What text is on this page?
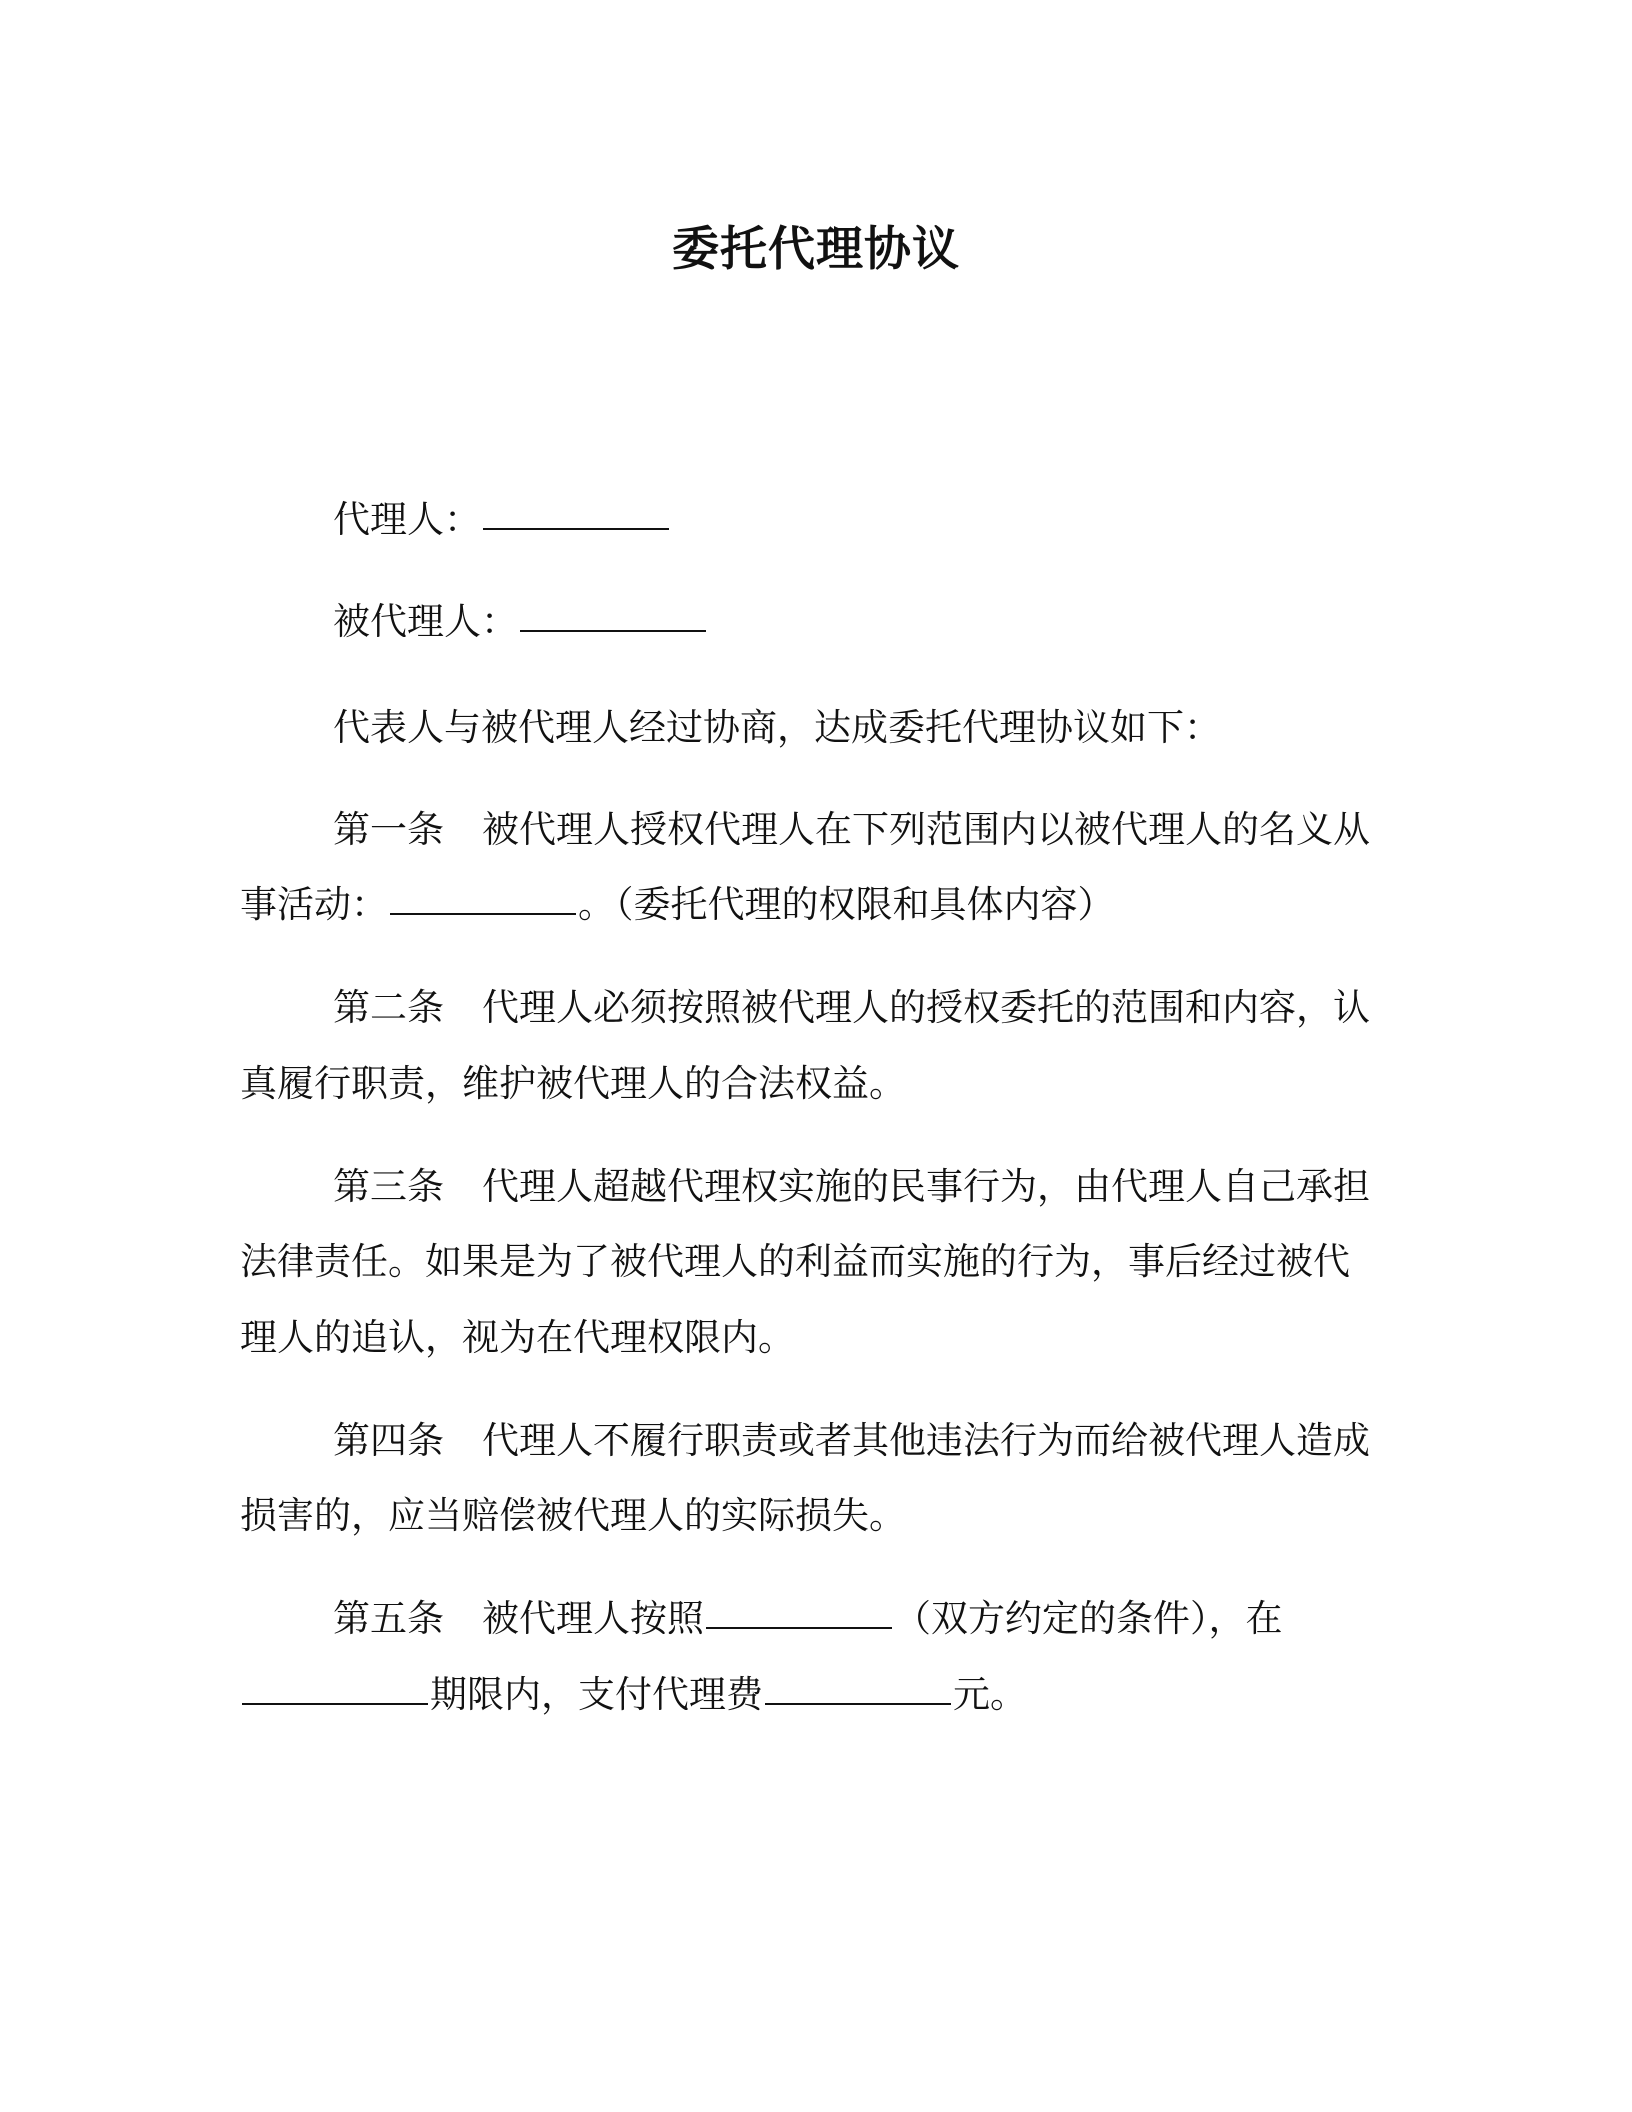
委托代理协议
代理人：
被代理人：
代表人与被代理人经过协商，达成委托代理协议如下：
第一条 被代理人授权代理人在下列范围内以被代理人的名义从
事活动：	。（委托代理的权限和具体内容）
第二条 代理人必须按照被代理人的授权委托的范围和内容，认
真履行职责，维护被代理人的合法权益。
第三条 代理人超越代理权实施的民事行为，由代理人自己承担
法律责任。如果是为了被代理人的利益而实施的行为，事后经过被代
理人的追认，视为在代理权限内。
第四条 代理人不履行职责或者其他违法行为而给被代理人造成
损害的，应当赔偿被代理人的实际损失。
第五条 被代理人按照	（双方约定的条件），在
期限内，支付代理费	元。
